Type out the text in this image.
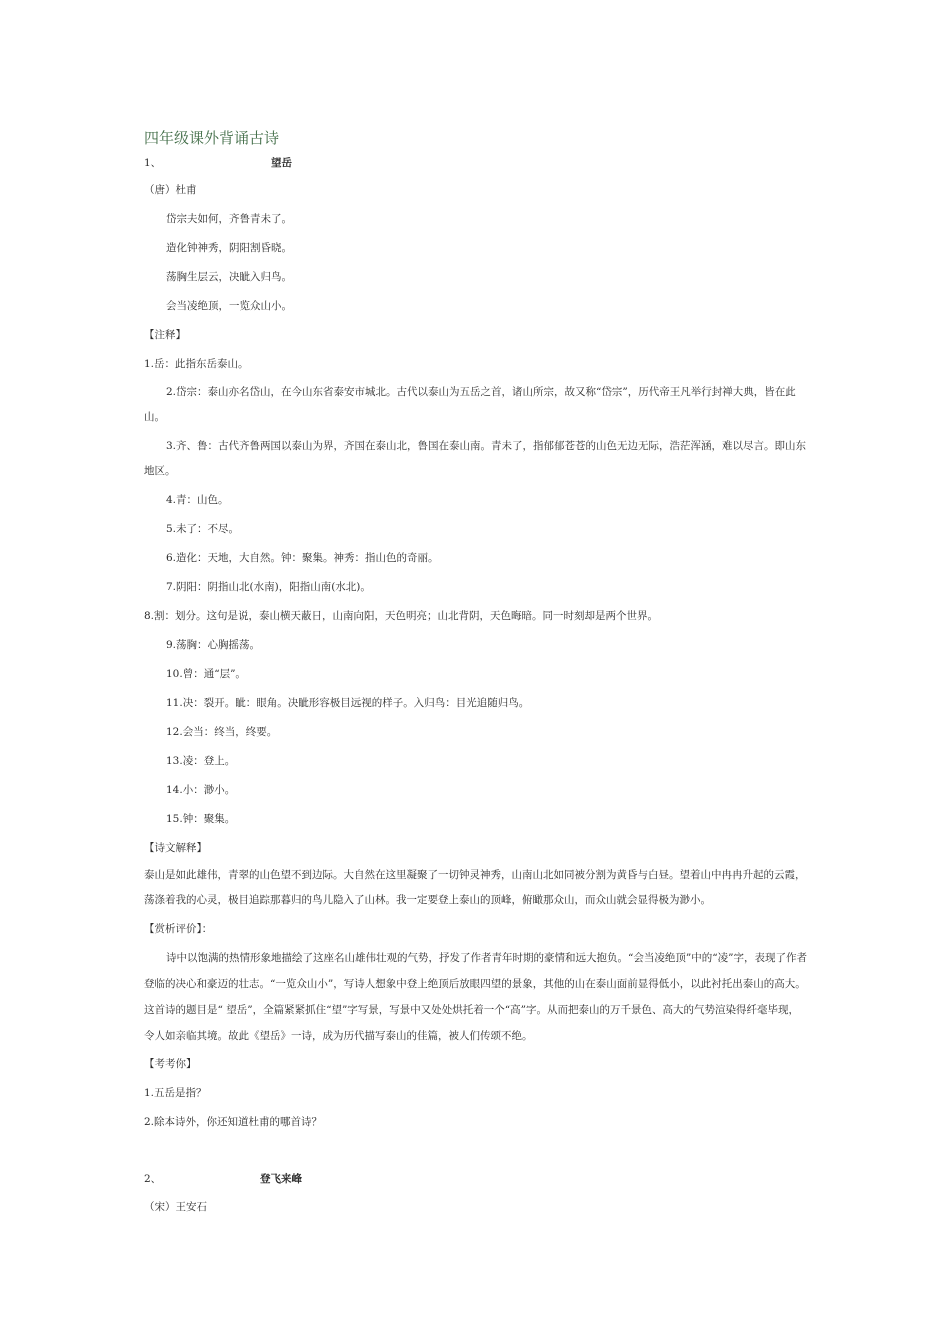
四年级课外背诵古诗
1、	望岳
（唐）杜甫
岱宗夫如何，齐鲁青未了。
造化钟神秀，阴阳割昏晓。
荡胸生层云，决眦入归鸟。
会当凌绝顶，一览众山小。
【注释】
1.岳：此指东岳泰山。
2.岱宗：泰山亦名岱山，在今山东省泰安市城北。古代以泰山为五岳之首，诸山所宗，故又称“岱宗”，历代帝王凡举行封禅大典，皆在此山。
3.齐、鲁：古代齐鲁两国以泰山为界，齐国在泰山北，鲁国在泰山南。青未了，指郁郁苍苍的山色无边无际，浩茫浑涵，难以尽言。即山东地区。
4.青：山色。
5.未了：不尽。
6.造化：天地，大自然。钟：聚集。神秀：指山色的奇丽。
7.阴阳：阴指山北(水南)，阳指山南(水北)。
8.割：划分。这句是说，泰山横天蔽日，山南向阳，天色明亮；山北背阴，天色晦暗。同一时刻却是两个世界。
9.荡胸：心胸摇荡。
10.曾：通“层”。
11.决：裂开。眦：眼角。决眦形容极目远视的样子。入归鸟：目光追随归鸟。
12.会当：终当，终要。
13.凌：登上。
14.小：渺小。
15.钟：聚集。
【诗文解释】
泰山是如此雄伟，青翠的山色望不到边际。大自然在这里凝聚了一切钟灵神秀，山南山北如同被分割为黄昏与白昼。望着山中冉冉升起的云霞，荡涤着我的心灵，极目追踪那暮归的鸟儿隐入了山林。我一定要登上泰山的顶峰，俯瞰那众山，而众山就会显得极为渺小。
【赏析评价】：
诗中以饱满的热情形象地描绘了这座名山雄伟壮观的气势，抒发了作者青年时期的豪情和远大抱负。“会当凌绝顶”中的“凌”字，表现了作者登临的决心和豪迈的壮志。“一览众山小”，写诗人想象中登上绝顶后放眼四望的景象，其他的山在泰山面前显得低小，以此衬托出泰山的高大。这首诗的题目是“ 望岳”，全篇紧紧抓住“望”字写景，写景中又处处烘托着一个“高”字。从而把泰山的万千景色、高大的气势渲染得纤毫毕现，令人如亲临其境。故此《望岳》一诗，成为历代描写泰山的佳篇，被人们传颂不绝。
【考考你】
1.五岳是指？
2.除本诗外，你还知道杜甫的哪首诗？
2、	登飞来峰
（宋）王安石
